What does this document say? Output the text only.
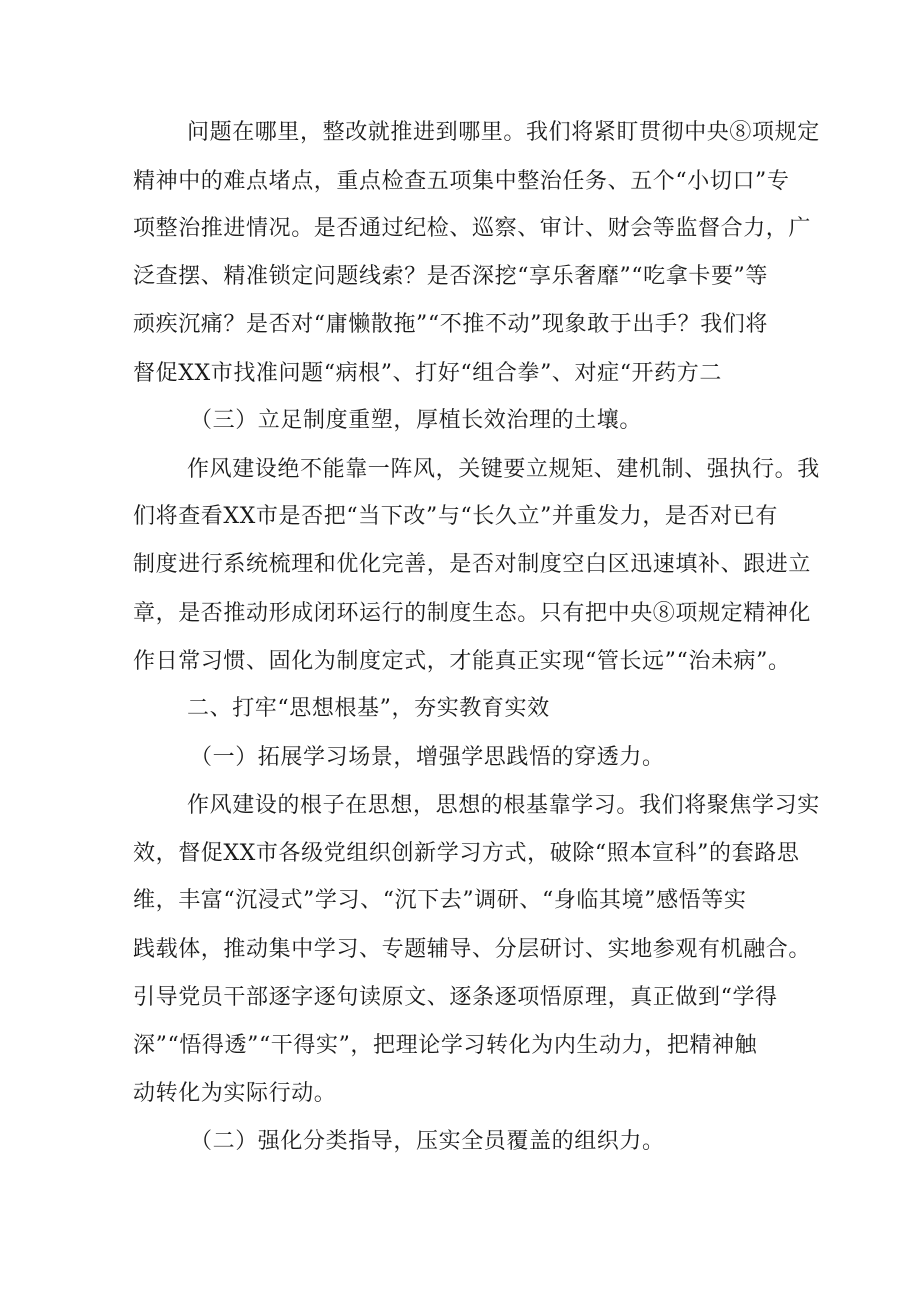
问题在哪里，整改就推进到哪里。我们将紧盯贯彻中央⑧项规定
精神中的难点堵点，重点检查五项集中整治任务、五个“小切口”专
项整治推进情况。是否通过纪检、巡察、审计、财会等监督合力，广
泛查摆、精准锁定问题线索？是否深挖“享乐奢靡”“吃拿卡要”等
顽疾沉痛？是否对“庸懒散拖”“不推不动”现象敢于出手？我们将
督促XX市找准问题“病根”、打好“组合拳”、对症“开药方二
（三）立足制度重塑，厚植长效治理的土壤。
作风建设绝不能靠一阵风，关键要立规矩、建机制、强执行。我
们将查看XX市是否把“当下改”与“长久立”并重发力，是否对已有
制度进行系统梳理和优化完善，是否对制度空白区迅速填补、跟进立
章，是否推动形成闭环运行的制度生态。只有把中央⑧项规定精神化
作日常习惯、固化为制度定式，才能真正实现“管长远”“治未病”。
二、打牢“思想根基”，夯实教育实效
（一）拓展学习场景，增强学思践悟的穿透力。
作风建设的根子在思想，思想的根基靠学习。我们将聚焦学习实
效，督促XX市各级党组织创新学习方式，破除“照本宣科”的套路思
维，丰富“沉浸式”学习、“沉下去”调研、“身临其境”感悟等实
践载体，推动集中学习、专题辅导、分层研讨、实地参观有机融合。
引导党员干部逐字逐句读原文、逐条逐项悟原理，真正做到“学得
深”“悟得透”“干得实”，把理论学习转化为内生动力，把精神触
动转化为实际行动。
（二）强化分类指导，压实全员覆盖的组织力。
